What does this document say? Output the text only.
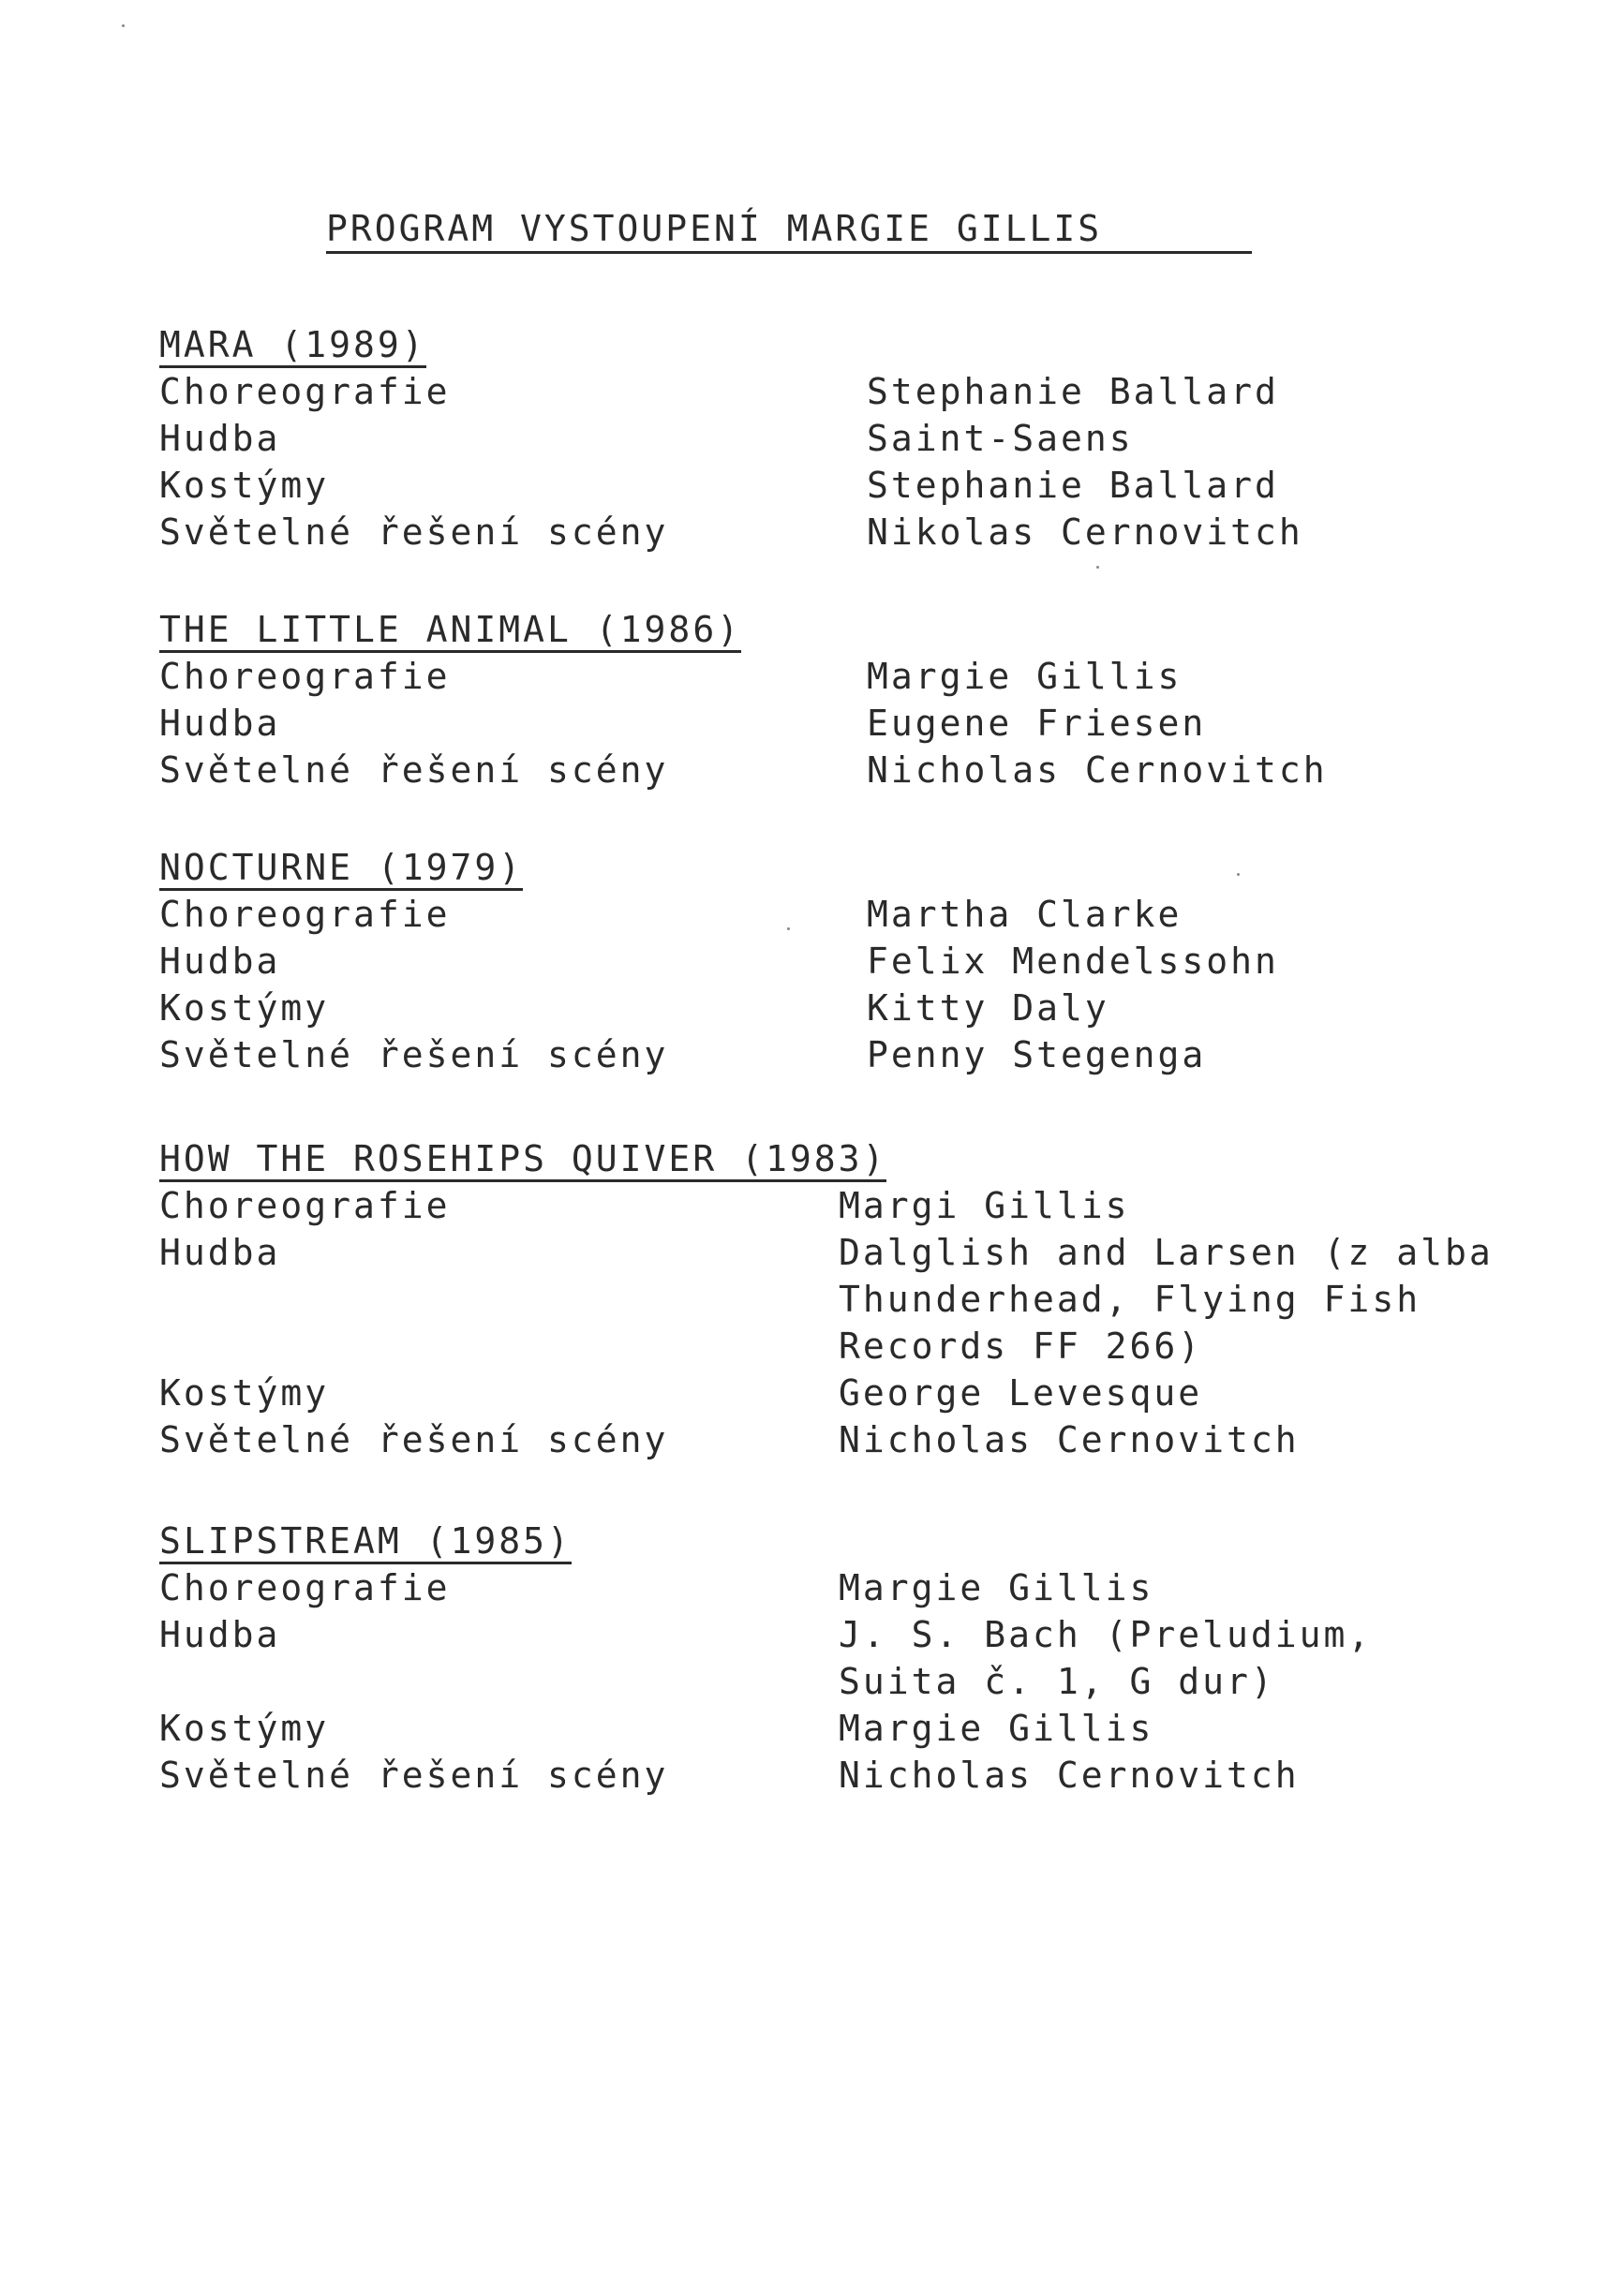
PROGRAM VYSTOUPENÍ MARGIE GILLIS
MARA (1989)
Choreografie	Stephanie Ballard
Hudba	Saint-Saens
Kostýmy	Stephanie Ballard
Světelné řešení scény	Nikolas Cernovitch
THE LITTLE ANIMAL (1986)
Choreografie	Margie Gillis
Hudba	Eugene Friesen
Světelné řešení scény	Nicholas Cernovitch
NOCTURNE (1979)
Choreografie	Martha Clarke
Hudba	Felix Mendelssohn
Kostýmy	Kitty Daly
Světelné řešení scény	Penny Stegenga
HOW THE ROSEHIPS QUIVER (1983)
Choreografie	Margi Gillis
Hudba	Dalglish and Larsen (z alba
Thunderhead, Flying Fish
Records FF 266)
Kostýmy	George Levesque
Světelné řešení scény	Nicholas Cernovitch
SLIPSTREAM (1985)
Choreografie	Margie Gillis
Hudba	J. S. Bach (Preludium,
Suita č. 1, G dur)
Kostýmy	Margie Gillis
Světelné řešení scény	Nicholas Cernovitch
